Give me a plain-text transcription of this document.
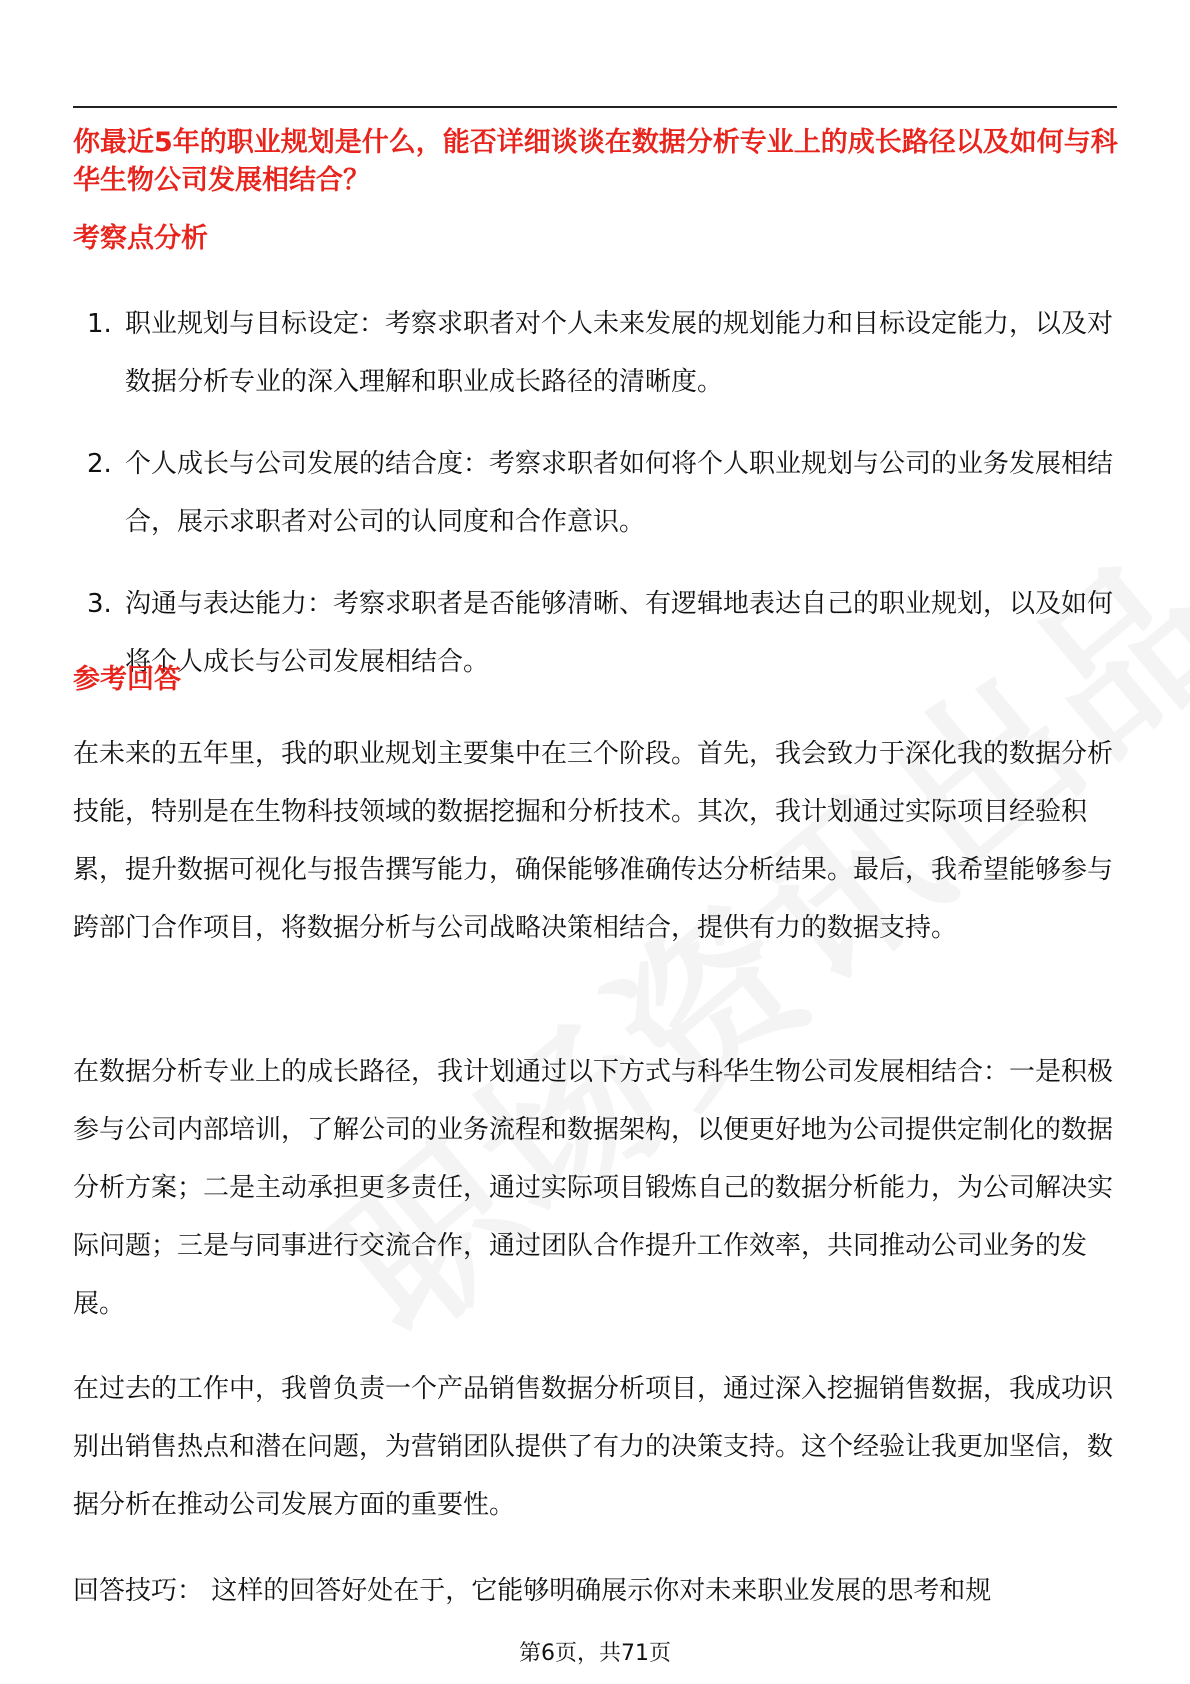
你最近5年的职业规划是什么，能否详细谈谈在数据分析专业上的成长路径以及如何与科华生物公司发展相结合？
考察点分析
1. 职业规划与目标设定：考察求职者对个人未来发展的规划能力和目标设定能力，以及对数据分析专业的深入理解和职业成长路径的清晰度。
2. 个人成长与公司发展的结合度：考察求职者如何将个人职业规划与公司的业务发展相结合，展示求职者对公司的认同度和合作意识。
3. 沟通与表达能力：考察求职者是否能够清晰、有逻辑地表达自己的职业规划，以及如何将个人成长与公司发展相结合。
参考回答

在未来的五年里，我的职业规划主要集中在三个阶段。首先，我会致力于深化我的数据分析技能，特别是在生物科技领域的数据挖掘和分析技术。其次，我计划通过实际项目经验积累，提升数据可视化与报告撰写能力，确保能够准确传达分析结果。最后，我希望能够参与跨部门合作项目，将数据分析与公司战略决策相结合，提供有力的数据支持。

在数据分析专业上的成长路径，我计划通过以下方式与科华生物公司发展相结合：一是积极参与公司内部培训，了解公司的业务流程和数据架构，以便更好地为公司提供定制化的数据分析方案；二是主动承担更多责任，通过实际项目锻炼自己的数据分析能力，为公司解决实际问题；三是与同事进行交流合作，通过团队合作提升工作效率，共同推动公司业务的发展。

在过去的工作中，我曾负责一个产品销售数据分析项目，通过深入挖掘销售数据，我成功识别出销售热点和潜在问题，为营销团队提供了有力的决策支持。这个经验让我更加坚信，数据分析在推动公司发展方面的重要性。

回答技巧： 这样的回答好处在于，它能够明确展示你对未来职业发展的思考和规

第6页，共71页
